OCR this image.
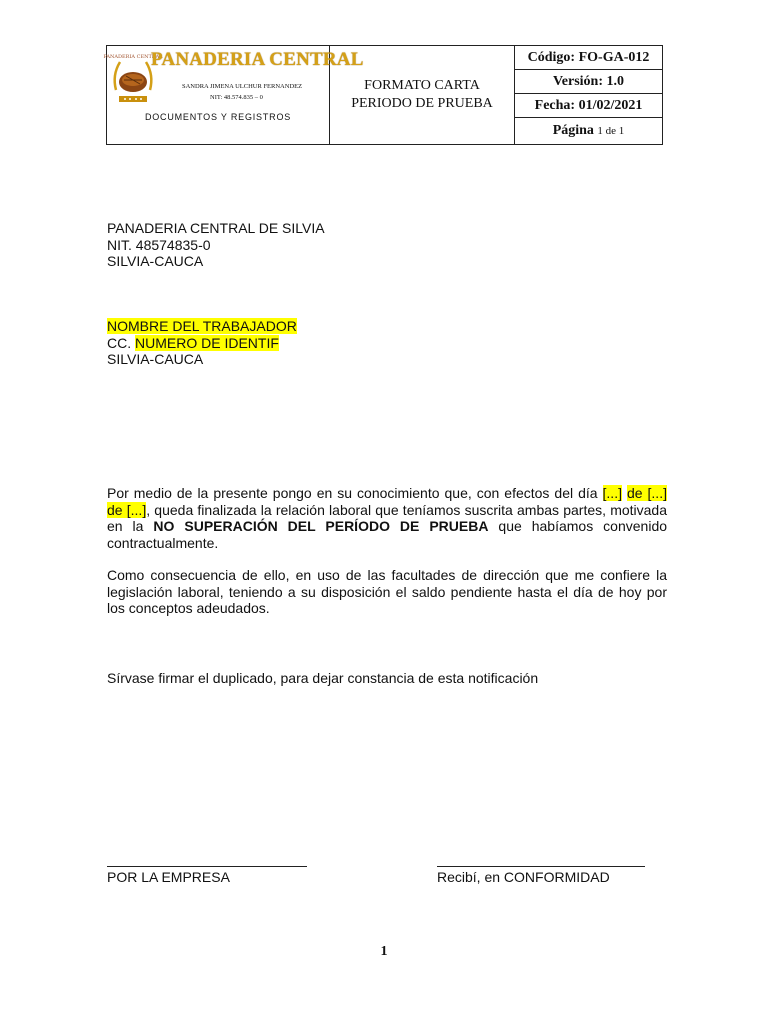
PANADERIA CENTRAL
PANADERIA CENTRAL
SANDRA JIMENA ULCHUR FERNANDEZ
NIT: 48.574.835 – 0
DOCUMENTOS Y REGISTROS

FORMATO CARTA
PERIODO DE PRUEBA
	Código: FO-GA-012
Versión: 1.0
Fecha: 01/02/2021
Página 1 de 1
PANADERIA CENTRAL DE SILVIA
NIT. 48574835-0
SILVIA-CAUCA
NOMBRE DEL TRABAJADOR
CC. NUMERO DE IDENTIF
SILVIA-CAUCA
Por medio de la presente pongo en su conocimiento que, con efectos del día [...] de [...] de [...], queda finalizada la relación laboral que teníamos suscrita ambas partes, motivada en la NO SUPERACIÓN DEL PERÍODO DE PRUEBA que habíamos convenido contractualmente.
Como consecuencia de ello, en uso de las facultades de dirección que me confiere la legislación laboral, teniendo a su disposición el saldo pendiente hasta el día de hoy por los conceptos adeudados.
Sírvase firmar el duplicado, para dejar constancia de esta notificación
POR LA EMPRESA	Recibí, en CONFORMIDAD
1
